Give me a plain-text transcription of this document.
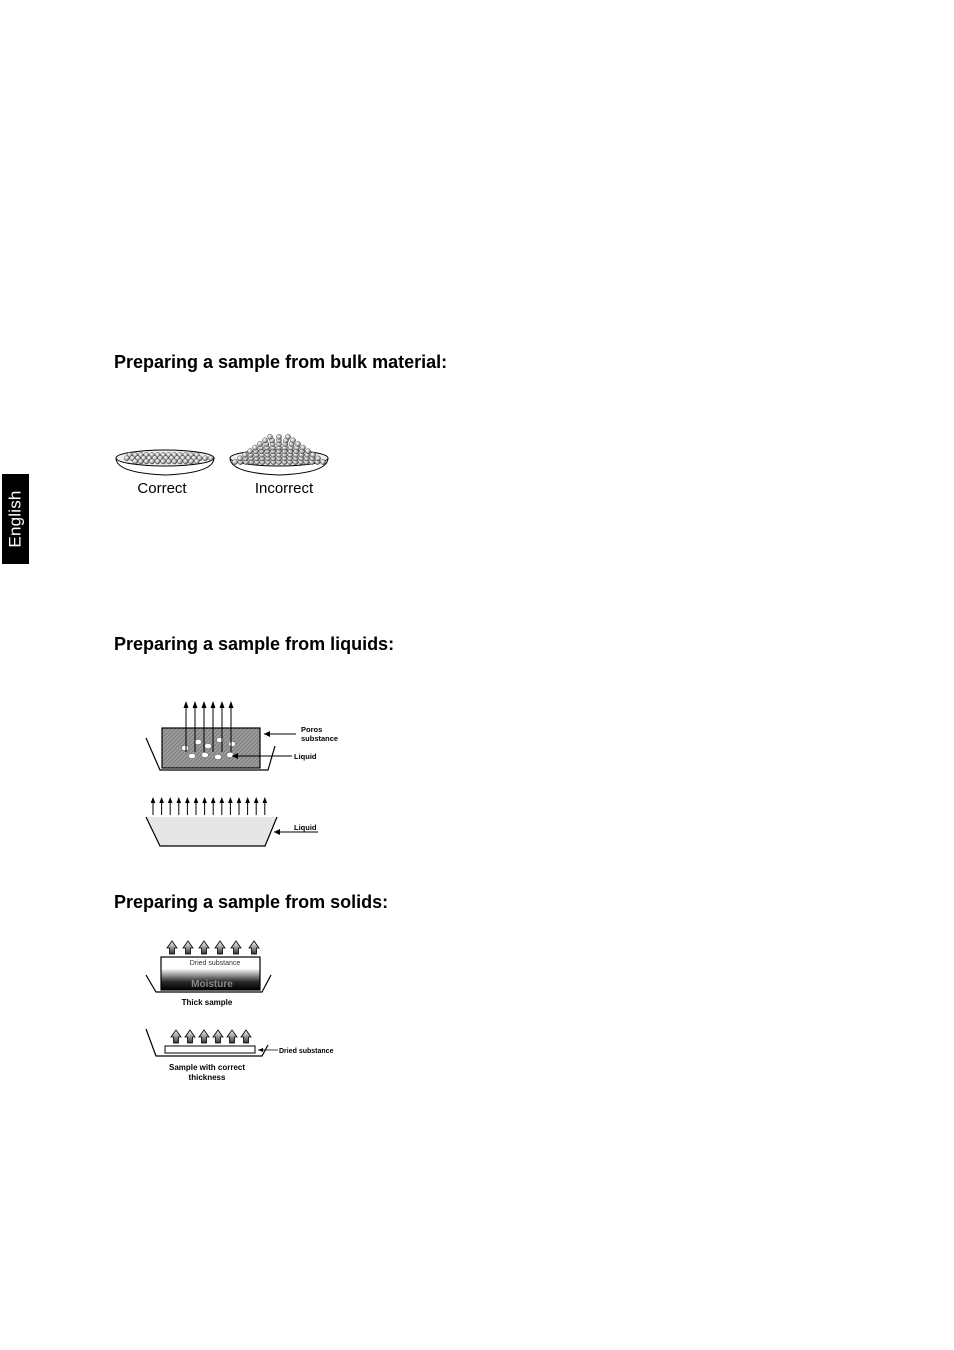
English
Preparing a sample from bulk material:
Correct	Incorrect
Preparing a sample from liquids:
Poros
substance
Liquid
Liquid
Preparing a sample from solids:
Dried substance
Moisture
Thick sample
Dried substance
Sample with correct
thickness
